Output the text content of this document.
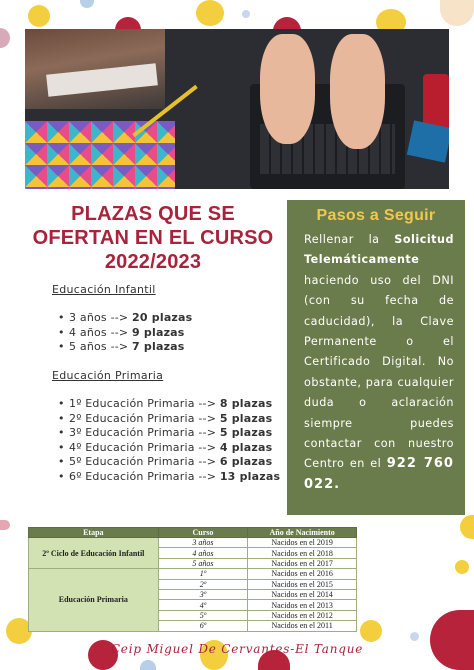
PLAZAS QUE SE
OFERTAN EN EL CURSO
2022/2023
Educación Infantil
• 3 años --> 20 plazas
• 4 años --> 9 plazas
• 5 años --> 7 plazas
Educación Primaria
• 1º Educación Primaria --> 8 plazas
• 2º Educación Primaria --> 5 plazas
• 3º Educación Primaria --> 5 plazas
• 4º Educación Primaria --> 4 plazas
• 5º Educación Primaria --> 6 plazas
• 6º Educación Primaria --> 13 plazas
Pasos a Seguir
Rellenar la Solicitud Telemáticamente haciendo uso del DNI (con su fecha de caducidad), la Clave Permanente o el Certificado Digital. No obstante, para cualquier duda o aclaración siempre puedes contactar con nuestro Centro en el 922 760 022.
Etapa	Curso	Año de Nacimiento
2º Ciclo de Educación Infantil	3 años	Nacidos en el 2019
	4 años	Nacidos en el 2018
	5 años	Nacidos en el 2017
Educación Primaria	1º	Nacidos en el 2016
	2º	Nacidos en el 2015
	3º	Nacidos en el 2014
	4º	Nacidos en el 2013
	5º	Nacidos en el 2012
	6º	Nacidos en el 2011
Ceip Miguel De Cervantes-El Tanque
